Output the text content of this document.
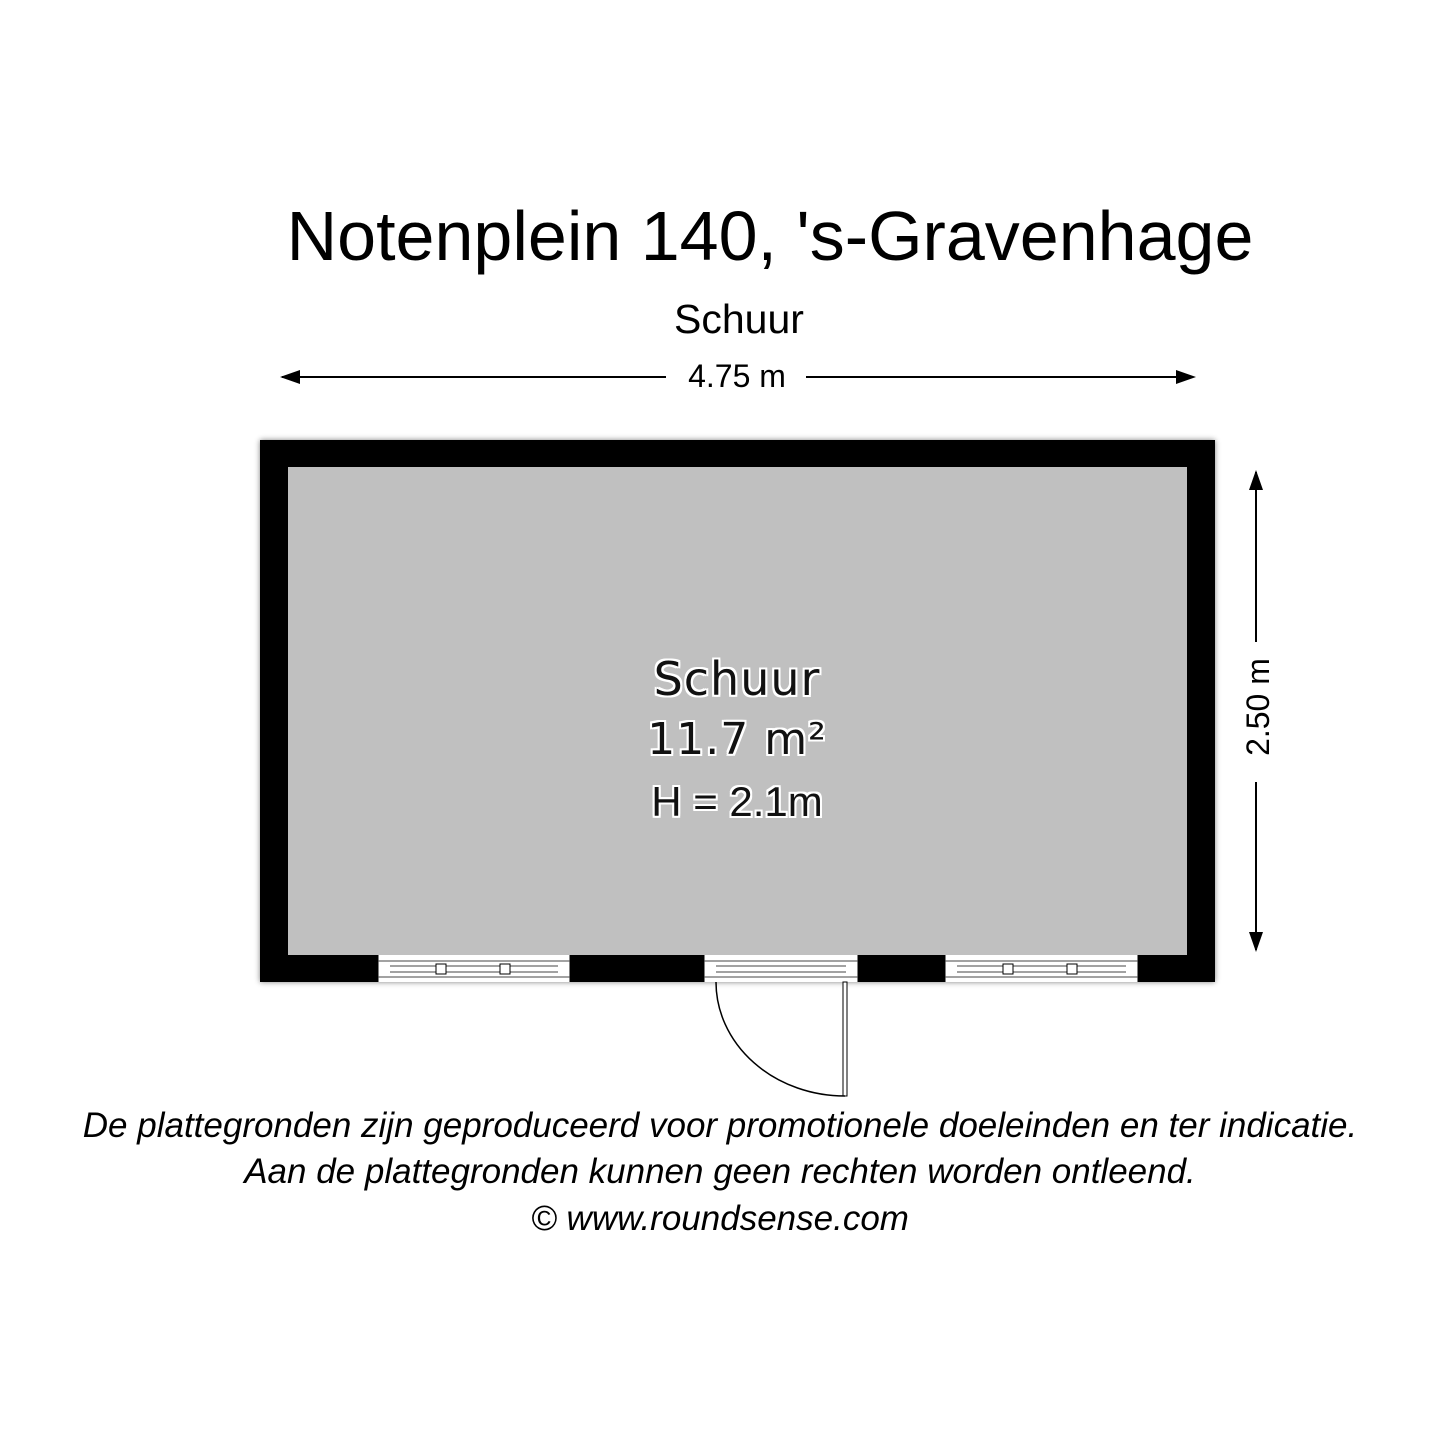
Notenplein 140, 's-Gravenhage
Schuur
4.75 m
2.50 m
Schuur
11.7 m²
H = 2.1m
De plattegronden zijn geproduceerd voor promotionele doeleinden en ter indicatie.
Aan de plattegronden kunnen geen rechten worden ontleend.
© www.roundsense.com
